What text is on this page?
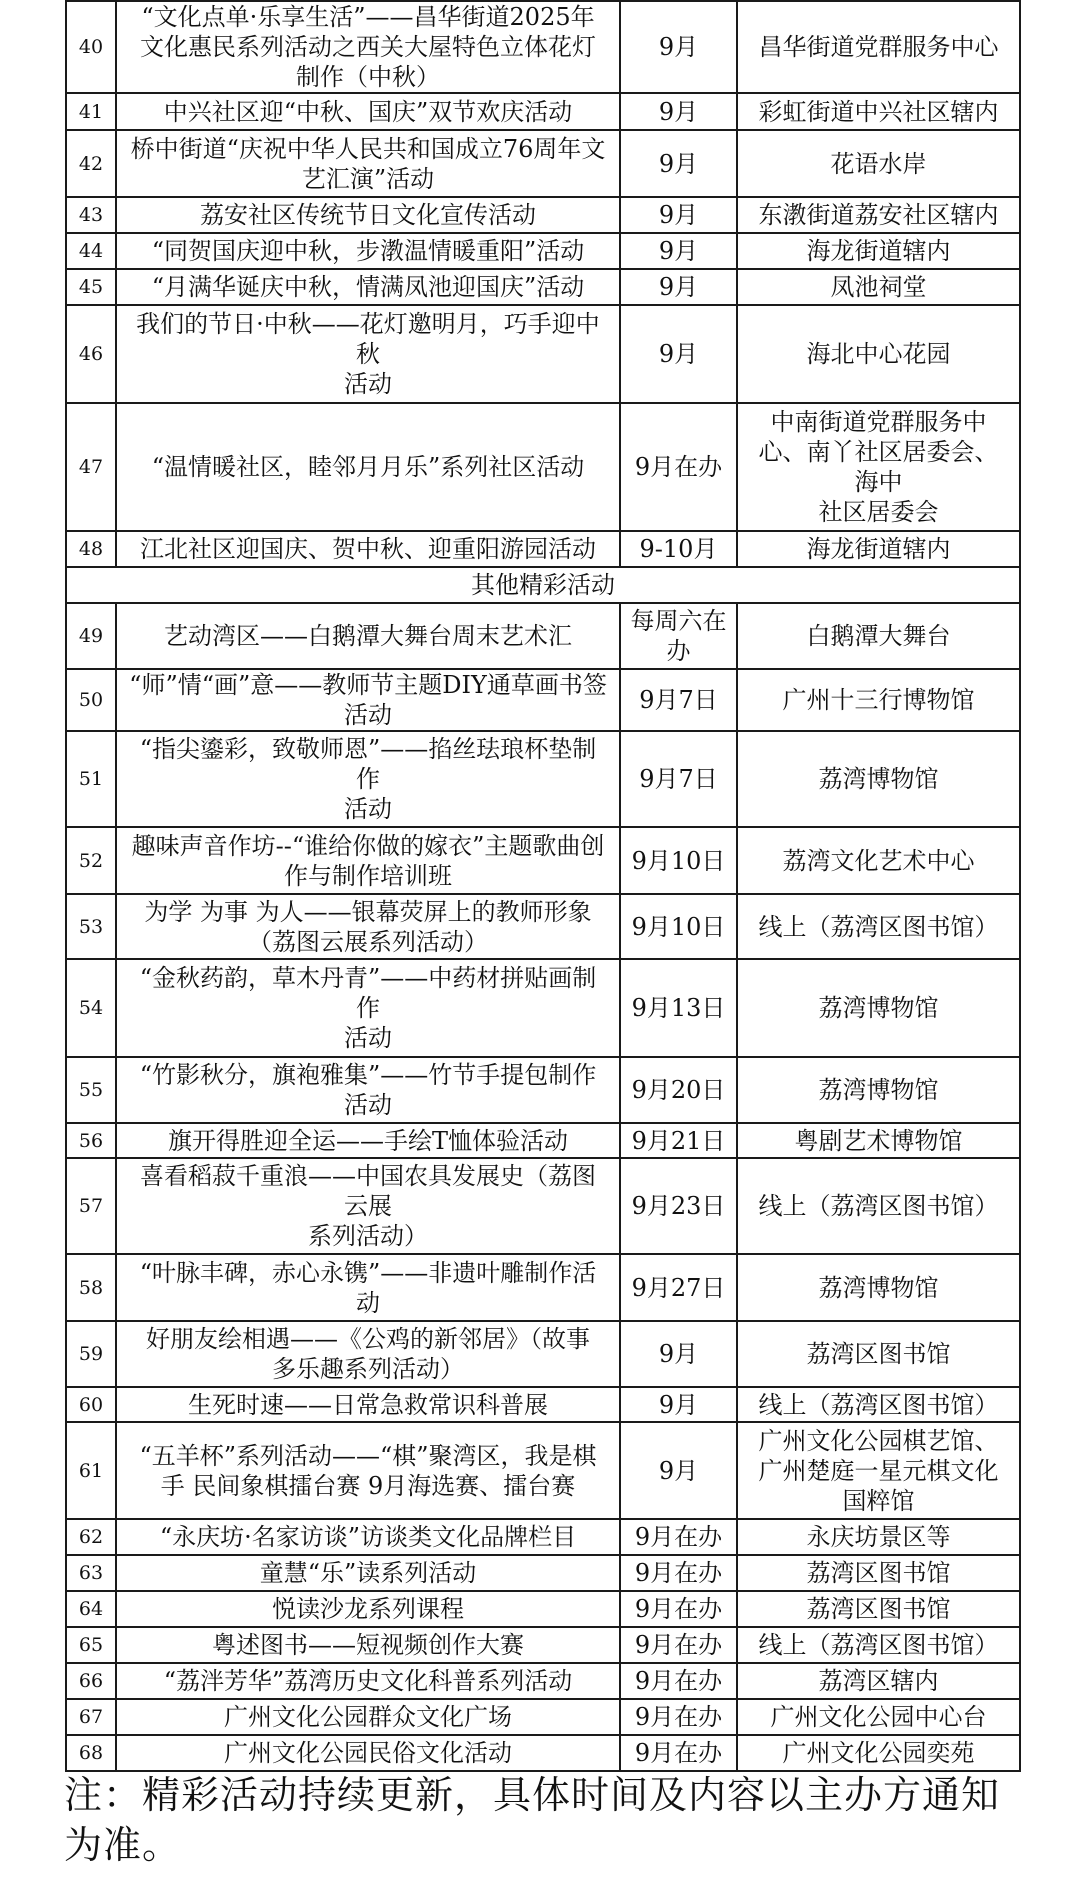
40	“文化点单·乐享生活”——昌华街道2025年
文化惠民系列活动之西关大屋特色立体花灯
制作（中秋）	9月	昌华街道党群服务中心
41	中兴社区迎“中秋、国庆”双节欢庆活动	9月	彩虹街道中兴社区辖内
42	桥中街道“庆祝中华人民共和国成立76周年文
艺汇演”活动	9月	花语水岸
43	荔安社区传统节日文化宣传活动	9月	东漖街道荔安社区辖内
44	“同贺国庆迎中秋，步漖温情暖重阳”活动	9月	海龙街道辖内
45	“月满华诞庆中秋，情满凤池迎国庆”活动	9月	凤池祠堂
46	我们的节日·中秋——花灯邀明月，巧手迎中
秋
活动	9月	海北中心花园
47	“温情暖社区，睦邻月月乐”系列社区活动	9月在办	中南街道党群服务中
心、南丫社区居委会、
海中
社区居委会
48	江北社区迎国庆、贺中秋、迎重阳游园活动	9-10月	海龙街道辖内
其他精彩活动			
49	艺动湾区——白鹅潭大舞台周末艺术汇	每周六在
办	白鹅潭大舞台
50	“师”情“画”意——教师节主题DIY通草画书签
活动	9月7日	广州十三行博物馆
51	“指尖鎏彩，致敬师恩”——掐丝珐琅杯垫制
作
活动	9月7日	荔湾博物馆
52	趣味声音作坊--“谁给你做的嫁衣”主题歌曲创
作与制作培训班	9月10日	荔湾文化艺术中心
53	为学 为事 为人——银幕荧屏上的教师形象
（荔图云展系列活动）	9月10日	线上（荔湾区图书馆）
54	“金秋药韵，草木丹青”——中药材拼贴画制
作
活动	9月13日	荔湾博物馆
55	“竹影秋分，旗袍雅集”——竹节手提包制作
活动	9月20日	荔湾博物馆
56	旗开得胜迎全运——手绘T恤体验活动	9月21日	粤剧艺术博物馆
57	喜看稻菽千重浪——中国农具发展史（荔图
云展
系列活动）	9月23日	线上（荔湾区图书馆）
58	“叶脉丰碑，赤心永镌”——非遗叶雕制作活
动	9月27日	荔湾博物馆
59	好朋友绘相遇——《公鸡的新邻居》（故事
多乐趣系列活动）	9月	荔湾区图书馆
60	生死时速——日常急救常识科普展	9月	线上（荔湾区图书馆）
61	“五羊杯”系列活动——“棋”聚湾区，我是棋
手 民间象棋擂台赛 9月海选赛、擂台赛	9月	广州文化公园棋艺馆、
广州楚庭一星元棋文化
国粹馆
62	“永庆坊·名家访谈”访谈类文化品牌栏目	9月在办	永庆坊景区等
63	童慧“乐”读系列活动	9月在办	荔湾区图书馆
64	悦读沙龙系列课程	9月在办	荔湾区图书馆
65	粤述图书——短视频创作大赛	9月在办	线上（荔湾区图书馆）
66	“荔泮芳华”荔湾历史文化科普系列活动	9月在办	荔湾区辖内
67	广州文化公园群众文化广场	9月在办	广州文化公园中心台
68	广州文化公园民俗文化活动	9月在办	广州文化公园奕苑

注：精彩活动持续更新，具体时间及内容以主办方通知为准。
